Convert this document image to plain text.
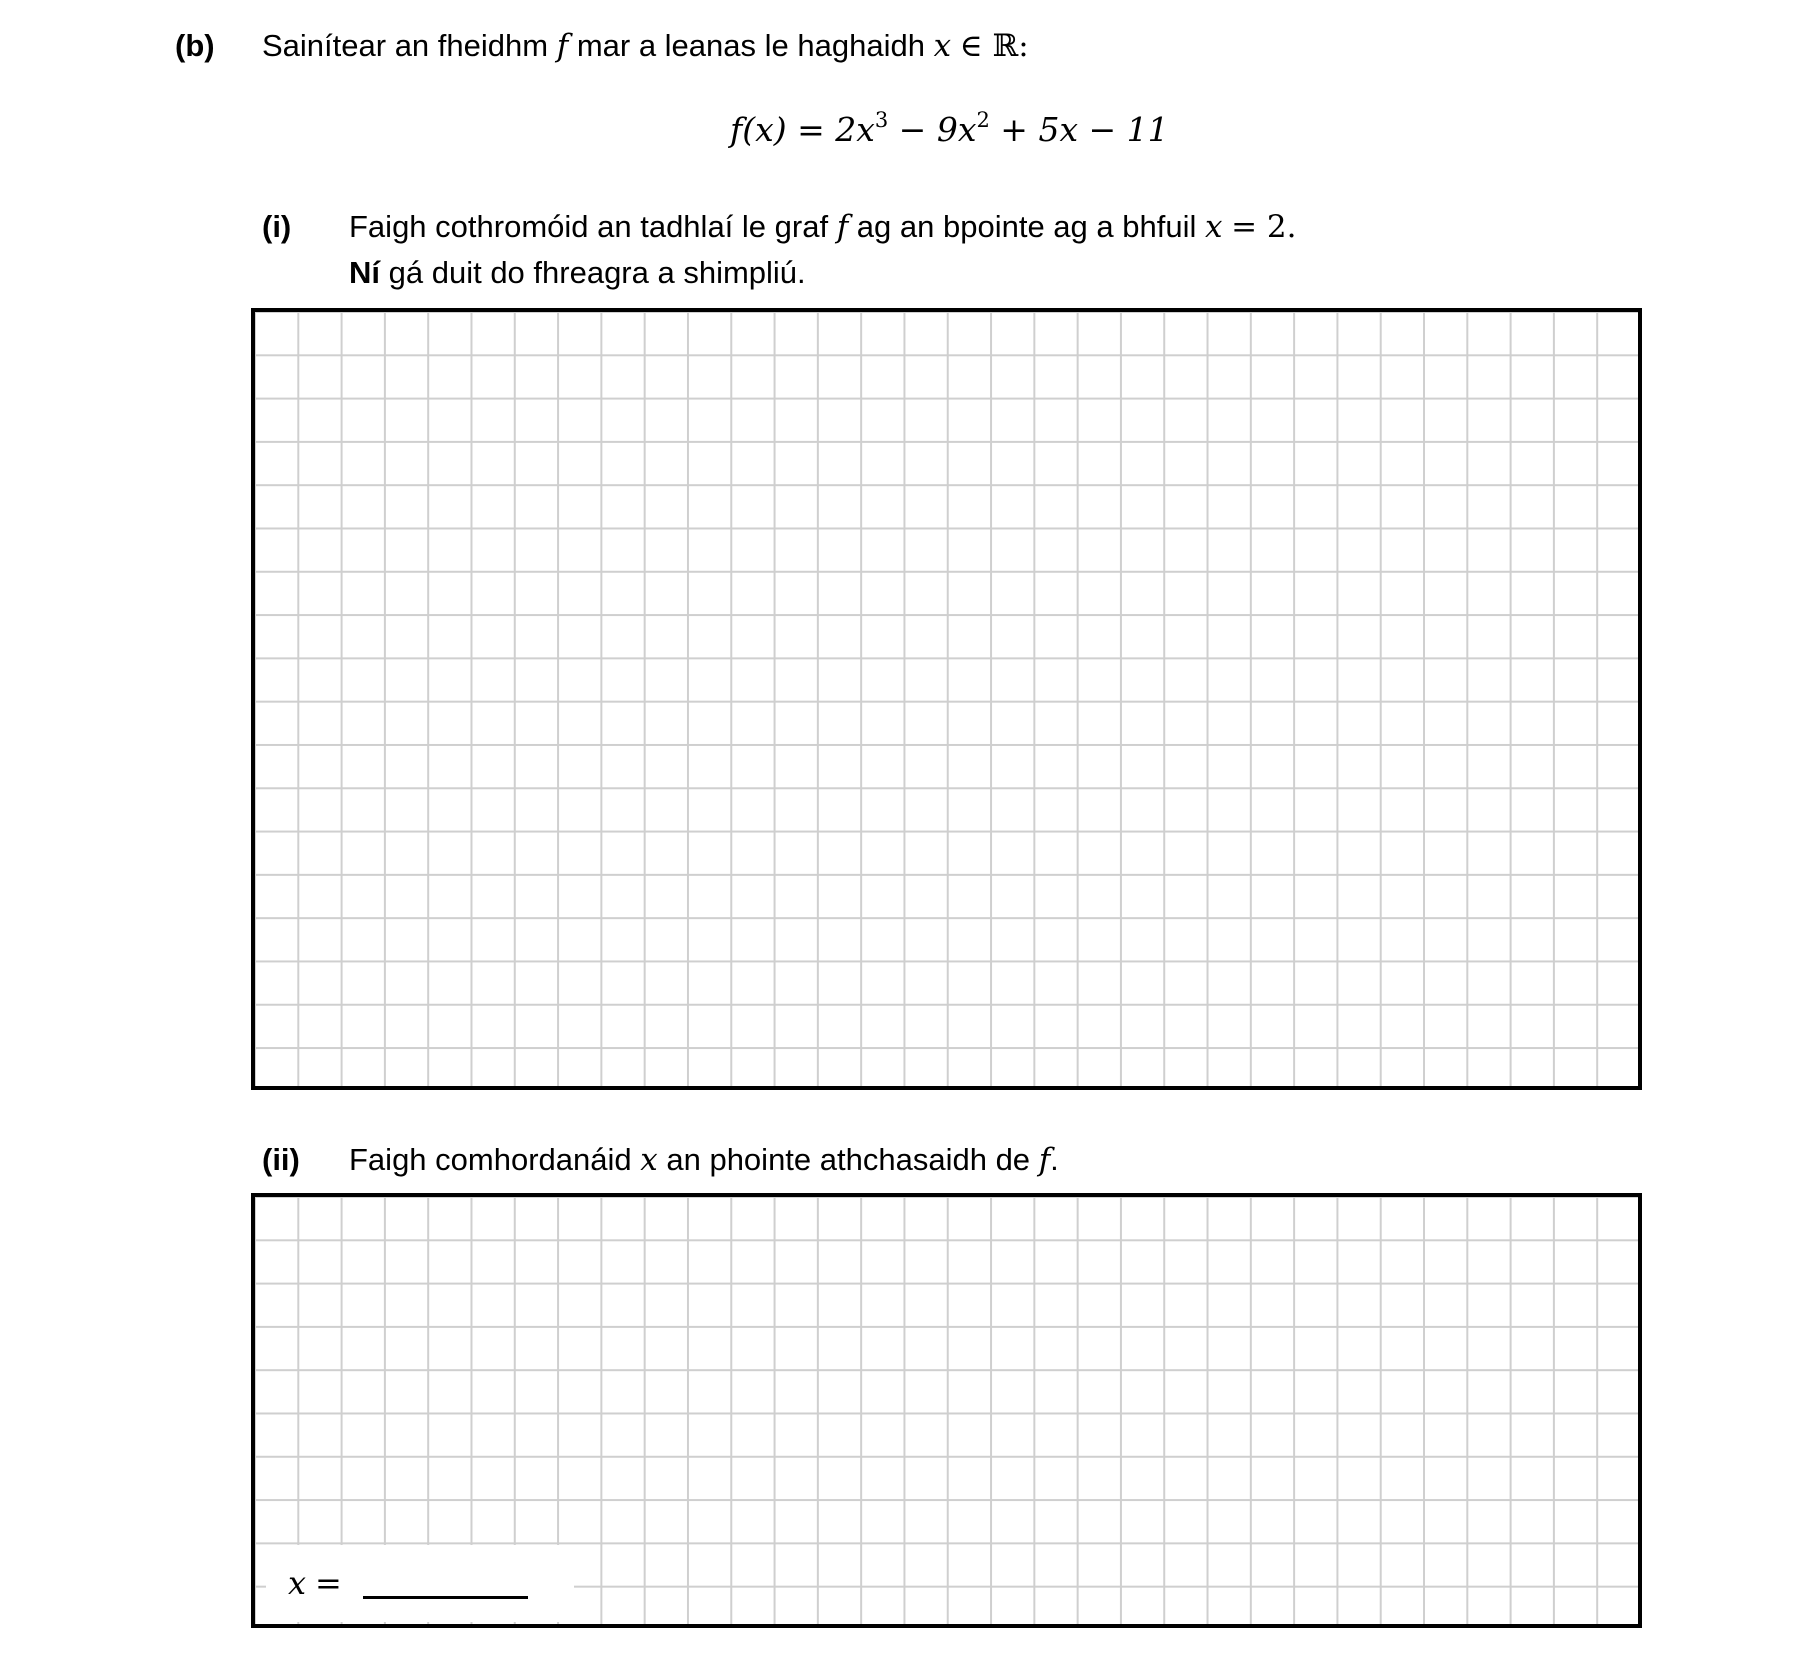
(b) Sainítear an fheidhm f mar a leanas le haghaidh x ∈ ℝ:
$f(x) = 2x^3 - 9x^2 + 5x - 11$
(i) Faigh cothromóid an tadhlaí le graf f ag an bpointe ag a bhfuil x = 2.
Ní gá duit do fhreagra a shimpliú.
(ii) Faigh comhordanáid x an phointe athchasaidh de f.
x =
